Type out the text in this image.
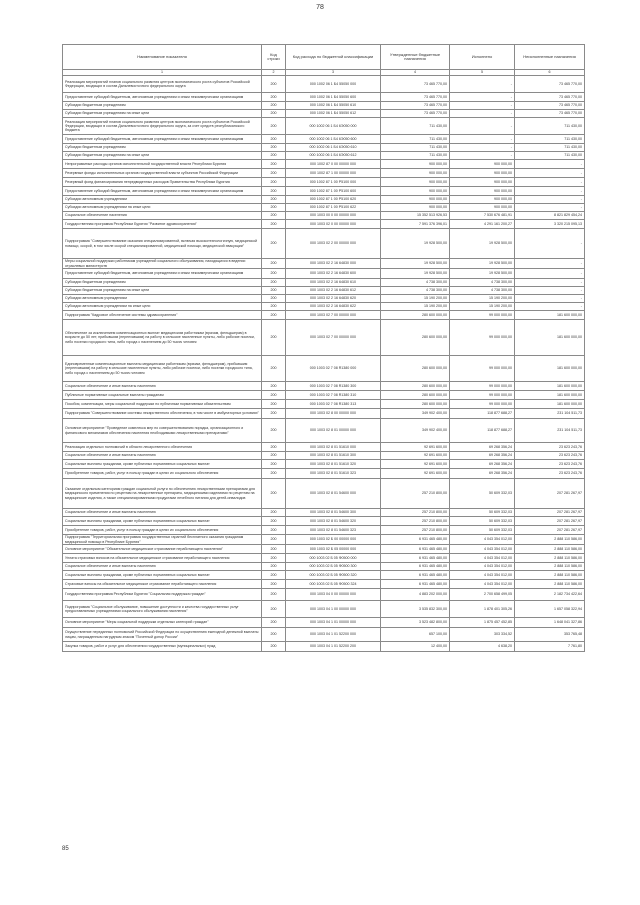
78
Наименование показателя	Код строки	Код расхода по бюджетной классификации	Утвержденные бюджетные назначения	Исполнено	Неисполненные назначения
1	2	3	4	5	6
Реализация мероприятий планов социального развития центров экономического роста субъектов Российской Федерации, входящих в состав Дальневосточного федерального округа	200	000 1002 06 1 Б4 55050 000	73 465 770,00	-	73 465 770,00
Предоставление субсидий бюджетным, автономным учреждениям и иным некоммерческим организациям	200	000 1002 06 1 Б4 55050 600	73 465 770,00	-	73 465 770,00
Субсидии бюджетным учреждениям	200	000 1002 06 1 Б4 55050 610	73 465 770,00	-	73 465 770,00
Субсидии бюджетным учреждениям на иные цели	200	000 1002 06 1 Б4 55050 612	73 465 770,00	-	73 465 770,00
Реализация мероприятий планов социального развития центров экономического роста субъектов Российской Федерации, входящих в состав Дальневосточного федерального округа, за счет средств республиканского бюджета	200	000 1002 06 1 Б4 6Э050 000	711 430,00	-	711 430,00
Предоставление субсидий бюджетным, автономным учреждениям и иным некоммерческим организациям	200	000 1002 06 1 Б4 6Э050 600	711 430,00	-	711 430,00
Субсидии бюджетным учреждениям	200	000 1002 06 1 Б4 6Э050 610	711 430,00	-	711 430,00
Субсидии бюджетным учреждениям на иные цели	200	000 1002 06 1 Б4 6Э050 612	711 430,00	-	711 430,00
Непрограммные расходы органов исполнительной государственной власти Республики Бурятия	200	000 1002 87 0 00 00000 000	900 000,00	900 000,00	-
Резервные фонды исполнительных органов государственной власти субъектов Российской Федерации	200	000 1002 87 1 00 00000 000	900 000,00	900 000,00	-
Резервный фонд финансирования непредвиденных расходов Правительства Республики Бурятия	200	000 1002 87 1 00 Р5100 000	900 000,00	900 000,00	-
Предоставление субсидий бюджетным, автономным учреждениям и иным некоммерческим организациям	200	000 1002 87 1 00 Р5100 600	900 000,00	900 000,00	-
Субсидии автономным учреждениям	200	000 1002 87 1 00 Р5100 620	900 000,00	900 000,00	-
Субсидии автономным учреждениям на иные цели	200	000 1002 87 1 00 Р5100 622	900 000,00	900 000,00	-
Социальное обеспечение населения	200	000 1003 00 0 00 00000 000	15 352 513 926,53	7 530 676 481,91	8 821 829 454,24
Государственная программа Республики Бурятия "Развитие здравоохранения"	200	000 1003 02 0 00 00000 000	7 591 376 396,01	4 291 161 200,27	3 320 215 095,13
Подпрограмма "Совершенствование оказания специализированной, включая высокотехнологичную, медицинской помощи, скорой, в том числе скорой специализированной, медицинской помощи, медицинской эвакуации"	200	000 1003 02 2 00 00000 000	19 928 500,00	19 928 500,00	-
Меры социальной поддержки работникам учреждений социального обслуживания, находящихся в ведении отраслевых министерств	200	000 1003 02 2 16 64830 000	19 928 500,00	19 928 500,00	-
Предоставление субсидий бюджетным, автономным учреждениям и иным некоммерческим организациям	200	000 1003 02 2 16 64830 600	19 928 500,00	19 928 500,00	-
Субсидии бюджетным учреждениям	200	000 1003 02 2 16 64830 610	4 738 300,00	4 738 300,00	-
Субсидии бюджетным учреждениям на иные цели	200	000 1003 02 2 16 64830 612	4 738 300,00	4 738 300,00	-
Субсидии автономным учреждениям	200	000 1003 02 2 16 64830 620	15 190 200,00	15 190 200,00	-
Субсидии автономным учреждениям на иные цели	200	000 1003 02 2 16 64830 622	15 190 200,00	15 190 200,00	-
Подпрограмма "Кадровое обеспечение системы здравоохранения"	200	000 1003 02 7 00 00000 000	280 600 000,00	99 000 000,00	181 600 000,00
Обеспечение за исключением компенсационных выплат медицинским работникам (врачам, фельдшерам) в возрасте до 50 лет, прибывшим (переехавшим) на работу в сельские населенные пункты, либо рабочие поселки, либо поселки городского типа, либо города с населением до 50 тысяч человек	200	000 1003 02 7 00 00000 000	280 600 000,00	99 000 000,00	181 600 000,00
Единовременные компенсационные выплаты медицинским работникам (врачам, фельдшерам), прибывшим (переехавшим) на работу в сельские населенные пункты, либо рабочие поселки, либо поселки городского типа, либо города с населением до 50 тысяч человек	200	000 1003 02 7 08 R1380 000	280 600 000,00	99 000 000,00	181 600 000,00
Социальное обеспечение и иные выплаты населению	200	000 1003 02 7 08 R1380 300	280 600 000,00	99 000 000,00	181 600 000,00
Публичные нормативные социальные выплаты гражданам	200	000 1003 02 7 08 R1380 310	280 600 000,00	99 000 000,00	181 600 000,00
Пособия, компенсации, меры социальной поддержки по публичным нормативным обязательствам	200	000 1003 02 7 08 R1380 313	280 600 000,00	99 000 000,00	181 600 000,00
Подпрограмма "Совершенствование системы лекарственного обеспечения, в том числе в амбулаторных условиях"	200	000 1003 02 8 00 00000 000	349 902 400,00	118 877 688,27	231 104 511,73
Основное мероприятие "Проведение комплекса мер по совершенствованию порядка, организационного и финансового механизмов обеспечения населения необходимыми лекарственными препаратами"	200	000 1003 02 8 01 00000 000	349 902 400,00	118 877 688,27	231 104 511,73
Реализация отдельных полномочий в области лекарственного обеспечения	200	000 1003 02 8 01 51610 000	92 691 600,00	69 268 356,24	23 623 243,76
Социальное обеспечение и иные выплаты населению	200	000 1003 02 8 01 51610 300	92 691 600,00	69 268 356,24	23 623 243,76
Социальные выплаты гражданам, кроме публичных нормативных социальных выплат	200	000 1003 02 8 01 51610 320	92 691 600,00	69 268 356,24	23 623 243,76
Приобретение товаров, работ, услуг в пользу граждан в целях их социального обеспечения	200	000 1003 02 8 01 51610 323	92 691 600,00	69 268 356,24	23 623 243,76
Оказание отдельным категориям граждан социальной услуги по обеспечению лекарственными препаратами для медицинского применения по рецептам на лекарственные препараты, медицинскими изделиями по рецептам на медицинские изделия, а также специализированными продуктами лечебного питания для детей-инвалидов	200	000 1003 02 8 01 54600 000	257 210 800,00	50 609 332,03	207 281 267,97
Социальное обеспечение и иные выплаты населению	200	000 1003 02 8 01 54600 300	257 210 800,00	50 609 332,03	207 281 267,97
Социальные выплаты гражданам, кроме публичных нормативных социальных выплат	200	000 1003 02 8 01 54600 320	257 210 800,00	50 609 332,03	207 281 267,97
Приобретение товаров, работ, услуг в пользу граждан в целях их социального обеспечения	200	000 1003 02 8 01 54600 323	257 210 800,00	50 609 332,03	207 281 267,97
Подпрограмма "Территориальная программа государственных гарантий бесплатного оказания гражданам медицинской помощи в Республике Бурятия"	200	000 1003 02 Б 00 00000 000	6 931 465 480,00	4 043 354 012,00	2 888 110 586,00
Основное мероприятие "Обязательное медицинское страхование неработающего населения"	200	000 1003 02 Б 05 00000 000	6 931 465 480,00	4 043 354 012,00	2 888 110 586,00
Уплата страховых взносов на обязательное медицинское страхование неработающего населения	200	000 1003 02 Б 05 Ф0500 000	6 931 465 480,00	4 043 354 012,00	2 888 110 586,00
Социальное обеспечение и иные выплаты населению	200	000 1003 02 Б 05 Ф0500 300	6 931 465 480,00	4 043 354 012,00	2 888 110 586,00
Социальные выплаты гражданам, кроме публичных нормативных социальных выплат	200	000 1003 02 Б 05 Ф0500 320	6 931 465 480,00	4 043 354 012,00	2 888 110 586,00
Страховые взносы на обязательное медицинское страхование неработающего населения	200	000 1003 02 Б 05 Ф0500 324	6 931 465 480,00	4 043 354 012,00	2 888 110 586,00
Государственная программа Республики Бурятия "Социальная поддержка граждан"	200	000 1003 04 0 00 00000 000	4 883 202 000,00	2 700 658 499,05	2 182 734 422,64
Подпрограмма "Социальное обслуживание, повышение доступности и качества государственных услуг предоставляемых учреждениями социального обслуживания населения"	200	000 1003 04 1 00 00000 000	3 535 832 300,00	1 878 401 305,26	1 657 058 322,94
Основное мероприятие "Меры социальной поддержки отдельных категорий граждан"	200	000 1003 04 1 01 00000 000	3 523 482 800,00	1 875 457 452,85	1 648 041 327,86
Осуществление переданных полномочий Российской Федерации по осуществлению ежегодной денежной выплаты лицам, награжденным нагрудным знаком "Почетный донор России"	200	000 1003 04 1 01 52200 000	657 100,00	303 334,52	353 765,48
Закупка товаров, работ и услуг для обеспечения государственных (муниципальных) нужд	200	000 1003 04 1 01 52200 200	12 400,00	4 638,20	7 761,80
85
